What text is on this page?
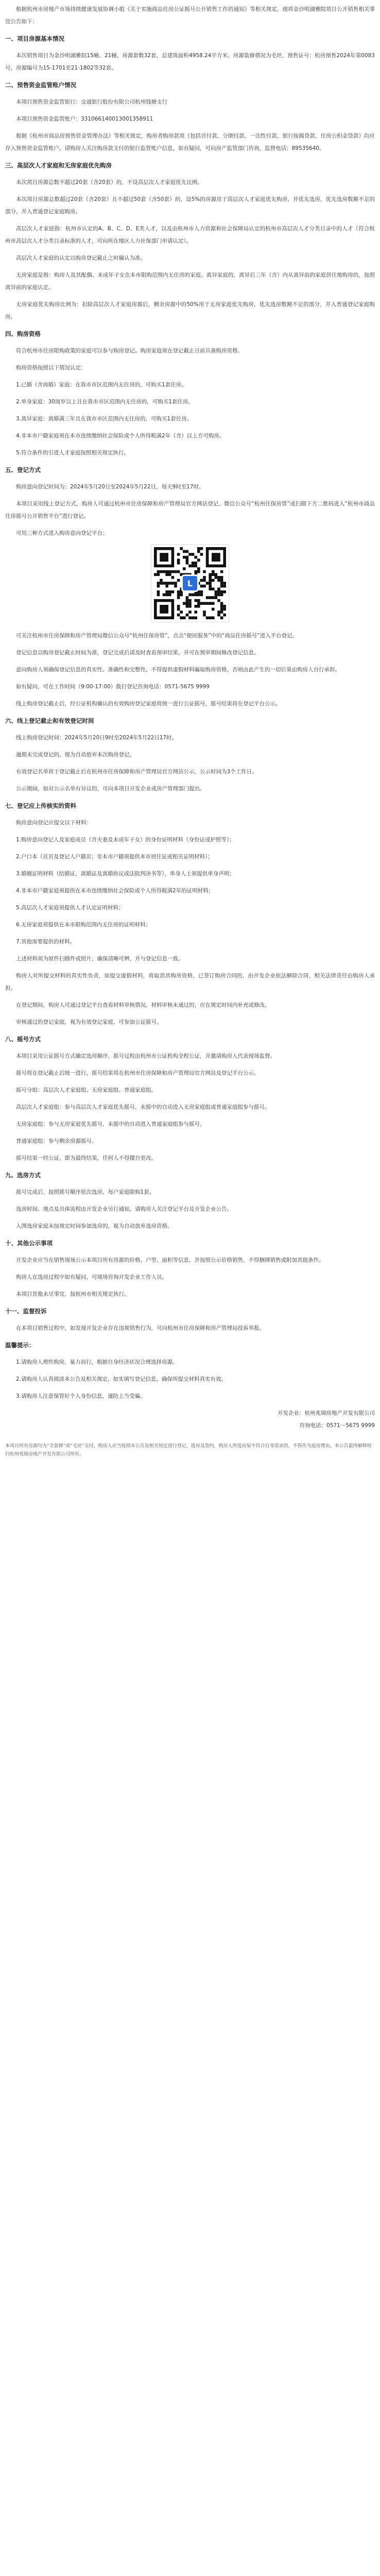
根据杭州市房地产市场持续健康发展协调小组《关于实施商品住房公证摇号公开销售工作的通知》等相关规定，现将金沙明湖雅院项目公开销售相关事宜公告如下：

一、项目房源基本情况

本次销售项目为金沙明湖雅院15幢、21幢，房源套数32套，总建筑面积4958.24平方米，房源装修情况为毛坯，预售证号：杭房预售2024年第0083号，房源编号为15-1701至21-1802等32套。

二、预售资金监管账户情况

本项目预售资金监管银行：交通银行股份有限公司杭州钱塘支行

本项目预售资金监管账户：331066140013001358911

根据《杭州市商品房预售资金管理办法》等相关规定，购房者购房款项（包括首付款、分期付款、一次性付款、银行按揭贷款、住房公积金贷款）均应存入预售资金监管账户。请购房人关注购房款支付的银行监管账户信息，如有疑问，可向房产监管部门咨询，监督电话：89535640。

三、高层次人才家庭和无房家庭优先购房

本次项目房源总数不超过20套（含20套）的，不设高层次人才家庭优先比例。

本次项目房源总数超过20套（含20套）且不超过50套（含50套）的，设5%的房源用于高层次人才家庭优先购房，并优先选房，优先选房数额不足的部分，并入普通登记家庭购房。

高层次人才家庭指：杭州市认定的A、B、C、D、E类人才，以及由杭州市人力资源和社会保障局认定的杭州市高层次人才分类目录中的人才（符合杭州市高层次人才分类目录标准的人才，可向所在地区人力社保部门申请认定）。

高层次人才家庭的认定以购房登记截止之时确认为准。

无房家庭是指：购房人及其配偶、未成年子女在本市限购范围内无住房的家庭。离异家庭的，离异后三年（含）内从离异前的家庭居住地购房的，按照离异前的家庭认定。

无房家庭优先购房比例为：扣除高层次人才家庭房源后，剩余房源中的50%用于无房家庭优先购房，优先选房数额不足的部分，并入普通登记家庭购房。

四、购房资格

符合杭州市住房限购政策的家庭可以参与购房登记。购房家庭须在登记截止日前具备购房资格。

购房资格按照以下情况认定：

1.已婚（含再婚）家庭：在我市市区范围内无住房的，可购买1套住房。

2.单身家庭：30周岁以上且在我市市区范围内无住房的，可购买1套住房。

3.离异家庭：离婚满三年且在我市市区范围内无住房的，可购买1套住房。

4.非本市户籍家庭须在本市连续缴纳社会保险或个人所得税满2年（含）以上方可购房。

5.符合条件的引进人才家庭按照相关规定执行。

五、登记方式

购房意向登记时间为：2024年5月20日至2024年5月22日，每天9时至17时。

本项目采用线上登记方式，购房人可通过杭州市住房保障和房产管理局官方网站登记、微信公众号“杭州住保房管”或扫描下方二维码进入“杭州市商品住房摇号公开销售平台”进行登记。

可用三种方式进入购房意向登记平台：

L

可关注杭州市住房保障和房产管理局微信公众号“杭州住保房管”，点击“便民服务”中的“商品住房摇号”进入平台登记。

登记信息以购房登记截止时间为准，登记完成后请及时查看预审结果，并可在预审期间修改登记信息。

意向购房人须确保登记信息的真实性、准确性和完整性，不得提供虚假材料骗取购房资格，否则由此产生的一切后果由购房人自行承担。

如有疑问，可在工作时间（9:00-17:00）拨打登记咨询电话：0571-5675 9999

线上购房登记截止后，经公证机构确认的有效购房登记家庭将统一进行公证摇号，摇号结果将在登记平台公示。

六、线上登记截止和有效登记时间

线上购房登记时间：2024年5月20日9时至2024年5月22日17时。

逾期未完成登记的，视为自动放弃本次购房登记。

有效登记名单将于登记截止后在杭州市住房保障和房产管理局官方网站公示，公示时间为3个工作日。

公示期间，如对公示名单有异议的，可向本项目开发企业或房产管理部门提出。

七、登记应上传核实的资料

购房意向登记应提交以下材料：

1.购房意向登记人及家庭成员（含夫妻及未成年子女）的身份证明材料（身份证或护照等）；

2.户口本（首页及登记人户籍页；非本市户籍须提供本市居住证或相关证明材料）；

3.婚姻证明材料（结婚证、离婚证及离婚协议或法院判决书等），单身人士须提供单身声明；

4.非本市户籍家庭须提供在本市连续缴纳社会保险或个人所得税满2年的证明材料；

5.高层次人才家庭须提供人才认定证明材料；

6.无房家庭须提供在本市限购范围内无住房的证明材料；

7.其他需要提供的材料。

上述材料须为原件扫描件或照片，确保清晰可辨，并与登记信息一致。

购房人对所提交材料的真实性负责，如提交虚假材料，将取消其购房资格，已签订购房合同的，由开发企业依法解除合同，相关法律责任由购房人承担。

在登记期间，购房人可通过登记平台查看材料审核情况。材料审核未通过的，应在规定时间内补充或修改。

审核通过的登记家庭，视为有效登记家庭，可参加公证摇号。

八、摇号方式

本项目采用公证摇号方式确定选房顺序，摇号过程由杭州市公证机构全程公证，并邀请购房人代表现场监督。

摇号将在登记截止后统一进行，摇号结果将在杭州市住房保障和房产管理局官方网站及登记平台公示。

摇号分组：高层次人才家庭组、无房家庭组、普通家庭组。

高层次人才家庭组：参与高层次人才家庭优先摇号，未摇中的自动进入无房家庭组或普通家庭组参与摇号。

无房家庭组：参与无房家庭优先摇号，未摇中的自动进入普通家庭组参与摇号。

普通家庭组：参与剩余房源摇号。

摇号结果一经公证，即为最终结果，任何人不得擅自更改。

九、选房方式

摇号完成后，按照摇号顺序依次选房，每户家庭限购1套。

选房时间、地点及具体流程由开发企业另行通知，请购房人关注登记平台及开发企业公告。

入围选房家庭未按规定时间参加选房的，视为自动放弃选房资格。

十、其他公示事项

开发企业应当在销售现场公示本项目所有房源的价格、户型、面积等信息，并按照公示价格销售，不得捆绑销售或附加其他条件。

购房人在选房过程中如有疑问，可现场咨询开发企业工作人员。

本项目其他未尽事宜，按杭州市相关规定执行。

十一、监督投诉

在本项目销售过程中，如发现开发企业存在违规销售行为，可向杭州市住房保障和房产管理局投诉举报。

温馨提示：

1.请购房人理性购房，量力而行，根据自身经济状况合理选择房源。

2.请购房人认真阅读本公告及相关规定，如实填写登记信息，确保所提交材料真实有效。

3.请购房人注意保管好个人身份信息，谨防上当受骗。

开发企业：杭州兆锦房地产开发有限公司

咨询电话：0571－5675 9999

本项目所有房源均为“全装修”或“毛坯”交付，购房人应当按照本公告及相关规定进行登记、选房及签约，购房人所选房屋不符合自身需求的，不得作为退房理由。本公告最终解释权归杭州兆锦房地产开发有限公司所有。
